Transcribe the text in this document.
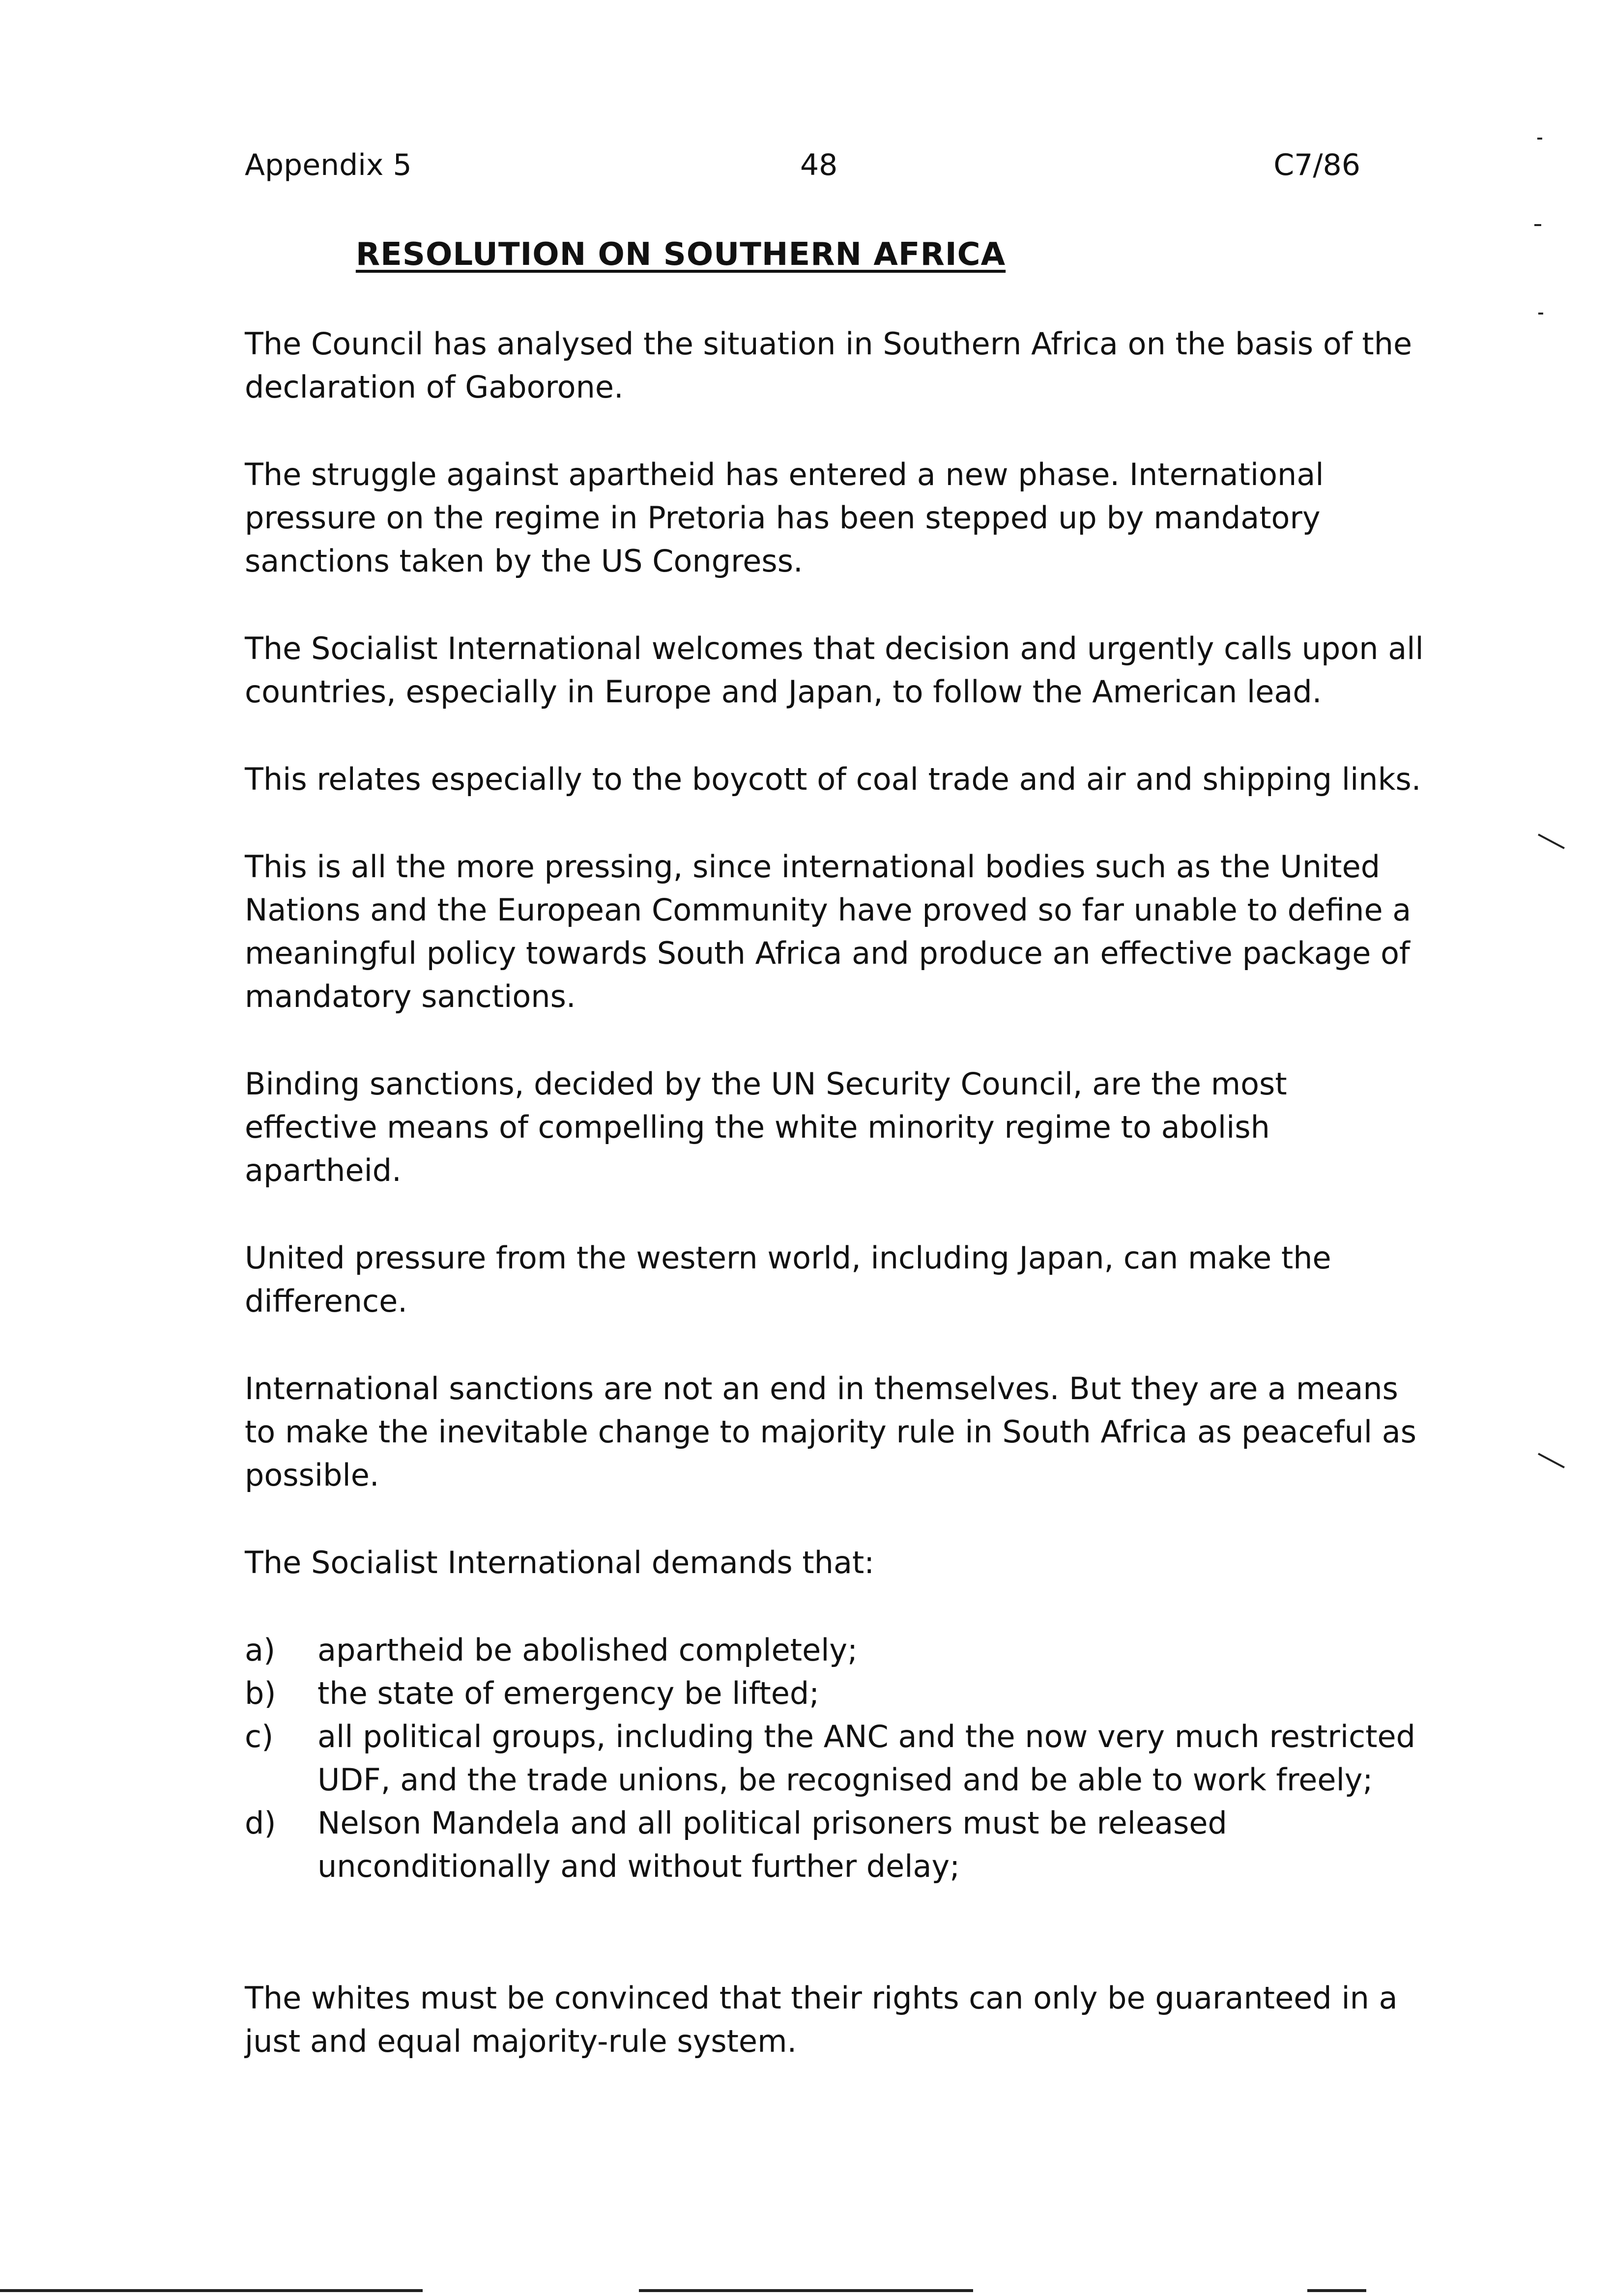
Appendix 5	48	C7/86
RESOLUTION ON SOUTHERN AFRICA

The Council has analysed the situation in Southern Africa on the basis of the declaration of Gaborone.

The struggle against apartheid has entered a new phase. International pressure on the regime in Pretoria has been stepped up by mandatory sanctions taken by the US Congress.

The Socialist International welcomes that decision and urgently calls upon all countries, especially in Europe and Japan, to follow the American lead.

This relates especially to the boycott of coal trade and air and shipping links.

This is all the more pressing, since international bodies such as the United Nations and the European Community have proved so far unable to define a meaningful policy towards South Africa and produce an effective package of mandatory sanctions.

Binding sanctions, decided by the UN Security Council, are the most effective means of compelling the white minority regime to abolish apartheid.

United pressure from the western world, including Japan, can make the difference.

International sanctions are not an end in themselves. But they are a means to make the inevitable change to majority rule in South Africa as peaceful as possible.

The Socialist International demands that:

a) apartheid be abolished completely;
b) the state of emergency be lifted;
c) all political groups, including the ANC and the now very much restricted UDF, and the trade unions, be recognised and be able to work freely;
d) Nelson Mandela and all political prisoners must be released unconditionally and without further delay;

The whites must be convinced that their rights can only be guaranteed in a just and equal majority-rule system.
